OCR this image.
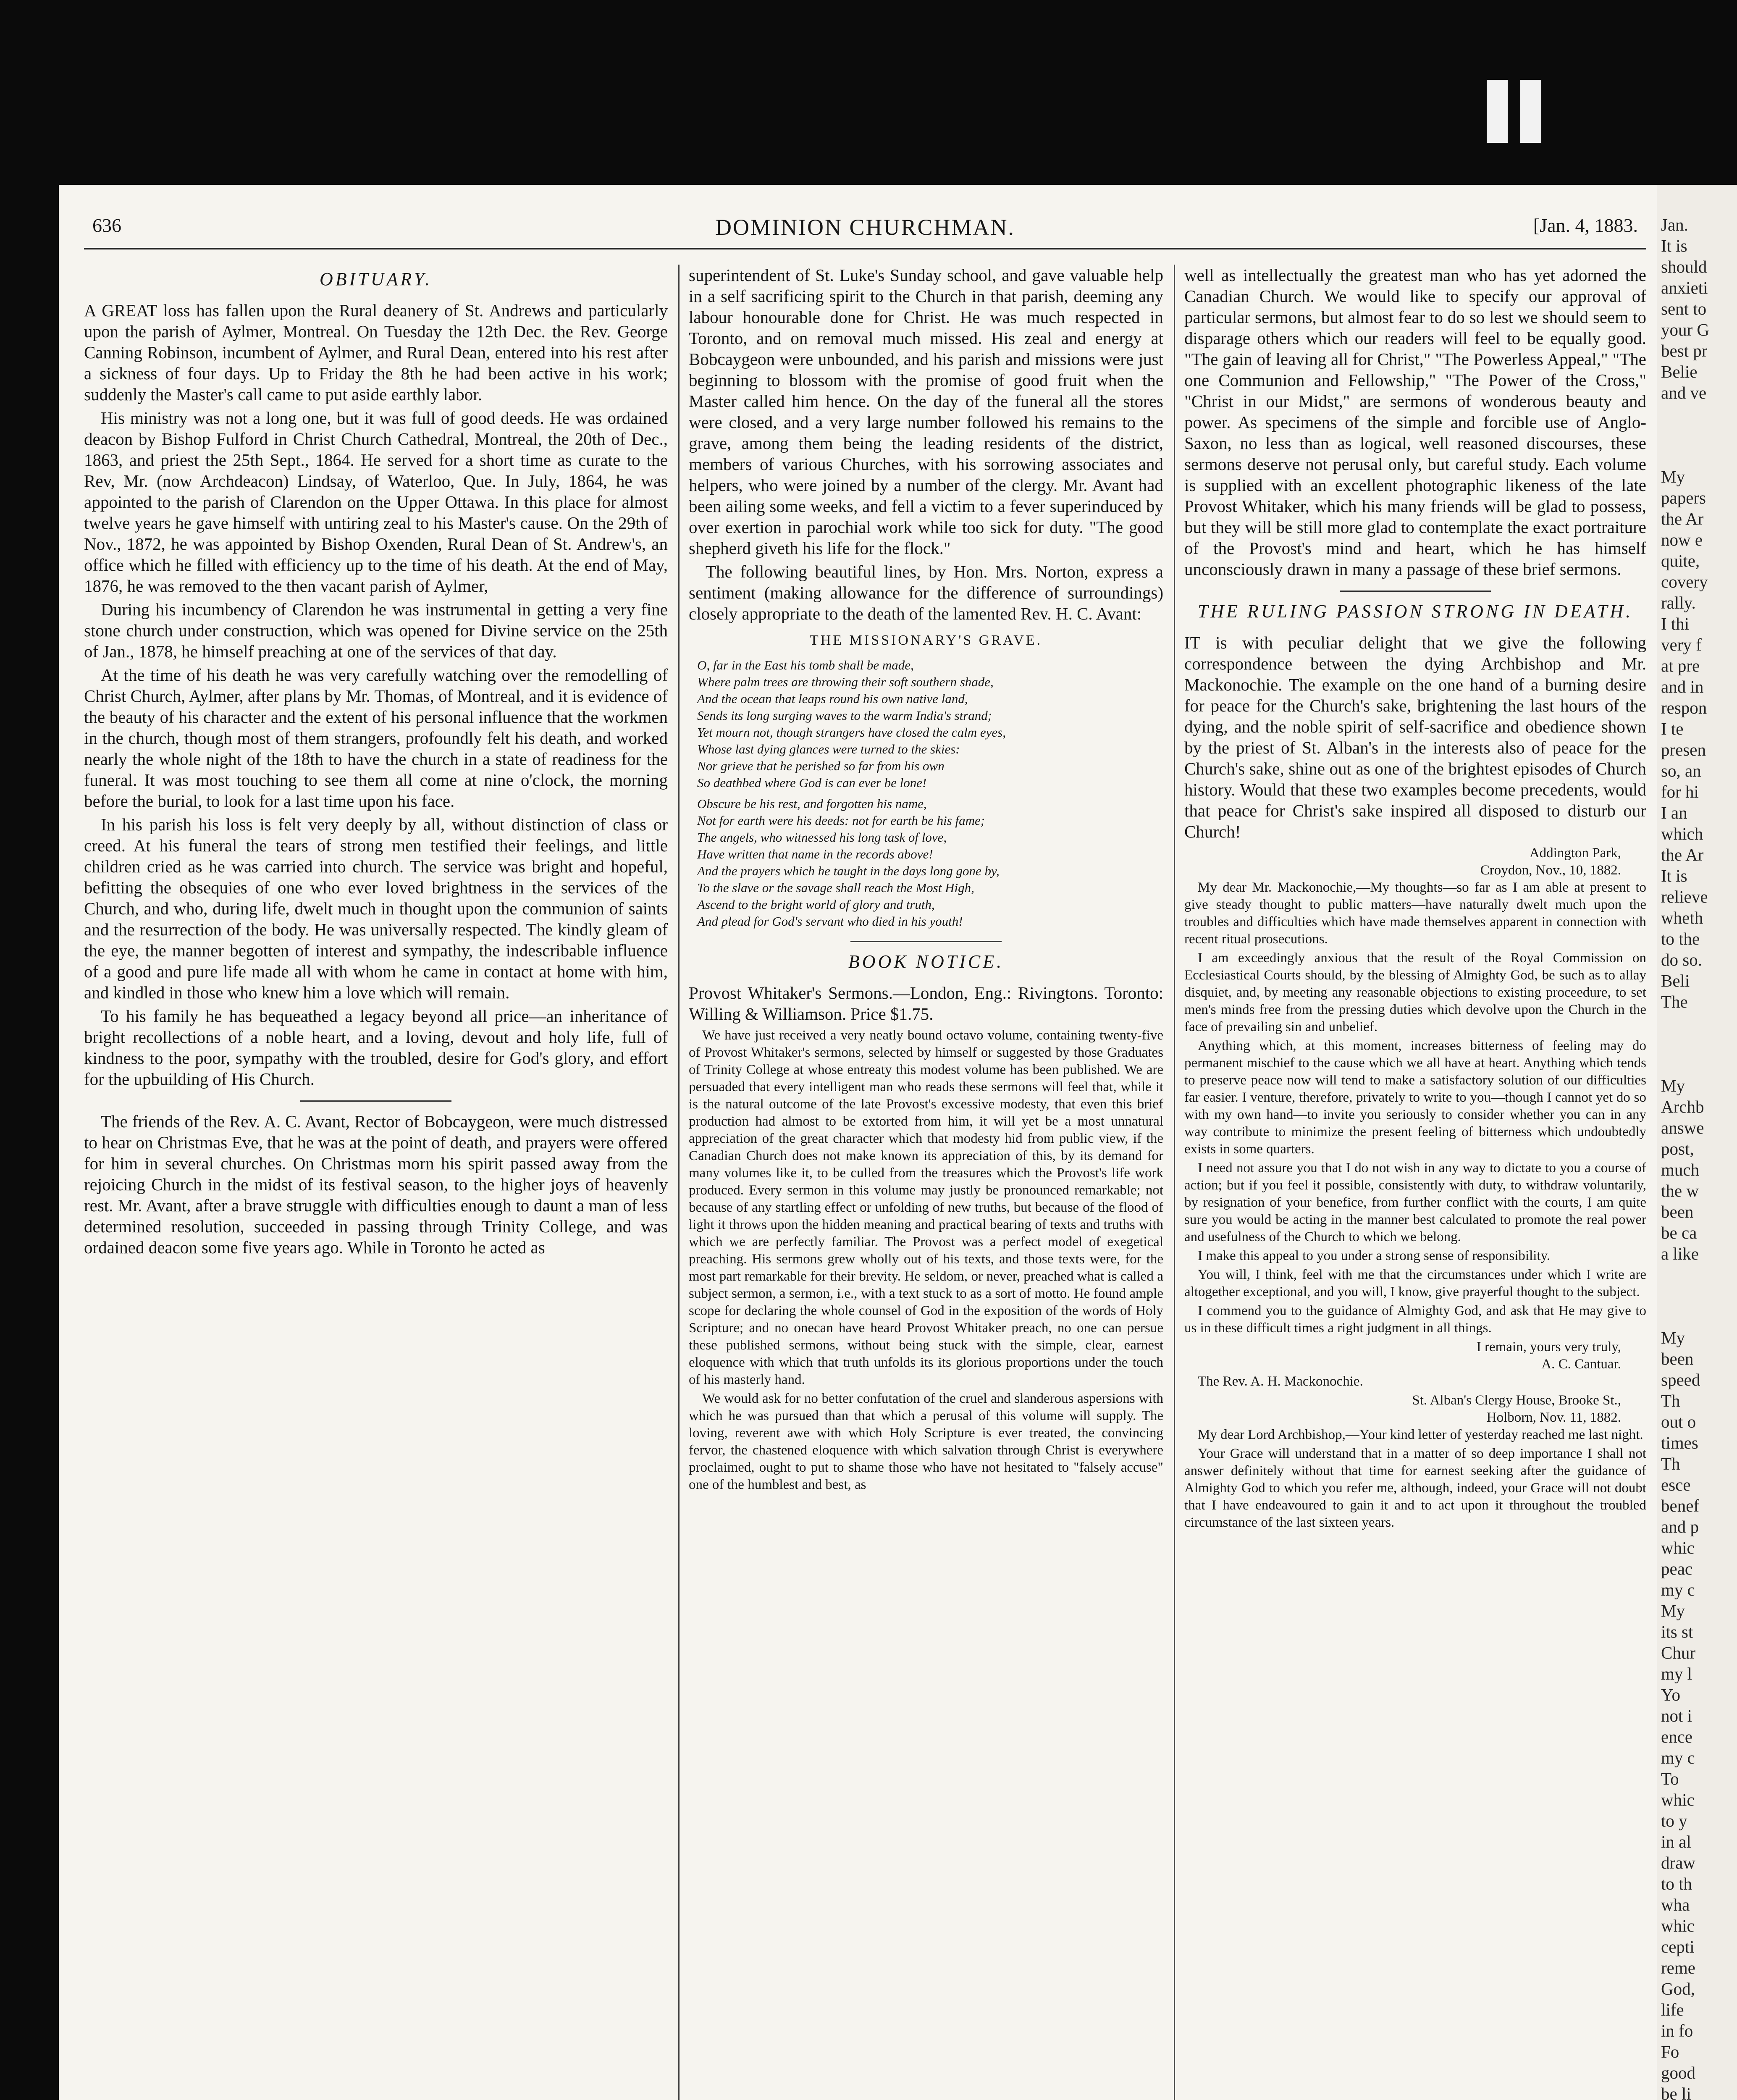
636	DOMINION CHURCHMAN.	[Jan. 4, 1883.
OBITUARY.

A GREAT loss has fallen upon the Rural deanery of St. Andrews and particularly upon the parish of Aylmer, Montreal. On Tuesday the 12th Dec. the Rev. George Canning Robinson, incumbent of Aylmer, and Rural Dean, entered into his rest after a sickness of four days. Up to Friday the 8th he had been active in his work; suddenly the Master's call came to put aside earthly labor.

His ministry was not a long one, but it was full of good deeds. He was ordained deacon by Bishop Fulford in Christ Church Cathedral, Montreal, the 20th of Dec., 1863, and priest the 25th Sept., 1864. He served for a short time as curate to the Rev, Mr. (now Archdeacon) Lindsay, of Waterloo, Que. In July, 1864, he was appointed to the parish of Clarendon on the Upper Ottawa. In this place for almost twelve years he gave himself with untiring zeal to his Master's cause. On the 29th of Nov., 1872, he was appointed by Bishop Oxenden, Rural Dean of St. Andrew's, an office which he filled with efficiency up to the time of his death. At the end of May, 1876, he was removed to the then vacant parish of Aylmer,

During his incumbency of Clarendon he was instrumental in getting a very fine stone church under construction, which was opened for Divine service on the 25th of Jan., 1878, he himself preaching at one of the services of that day.

At the time of his death he was very carefully watching over the remodelling of Christ Church, Aylmer, after plans by Mr. Thomas, of Montreal, and it is evidence of the beauty of his character and the extent of his personal influence that the workmen in the church, though most of them strangers, profoundly felt his death, and worked nearly the whole night of the 18th to have the church in a state of readiness for the funeral. It was most touching to see them all come at nine o'clock, the morning before the burial, to look for a last time upon his face.

In his parish his loss is felt very deeply by all, without distinction of class or creed. At his funeral the tears of strong men testified their feelings, and little children cried as he was carried into church. The service was bright and hopeful, befitting the obsequies of one who ever loved brightness in the services of the Church, and who, during life, dwelt much in thought upon the communion of saints and the resurrection of the body. He was universally respected. The kindly gleam of the eye, the manner begotten of interest and sympathy, the indescribable influence of a good and pure life made all with whom he came in contact at home with him, and kindled in those who knew him a love which will remain.

To his family he has bequeathed a legacy beyond all price—an inheritance of bright recollections of a noble heart, and a loving, devout and holy life, full of kindness to the poor, sympathy with the troubled, desire for God's glory, and effort for the upbuilding of His Church.

The friends of the Rev. A. C. Avant, Rector of Bobcaygeon, were much distressed to hear on Christmas Eve, that he was at the point of death, and prayers were offered for him in several churches. On Christmas morn his spirit passed away from the rejoicing Church in the midst of its festival season, to the higher joys of heavenly rest. Mr. Avant, after a brave struggle with difficulties enough to daunt a man of less determined resolution, succeeded in passing through Trinity College, and was ordained deacon some five years ago. While in Toronto he acted as

superintendent of St. Luke's Sunday school, and gave valuable help in a self sacrificing spirit to the Church in that parish, deeming any labour honourable done for Christ. He was much respected in Toronto, and on removal much missed. His zeal and energy at Bobcaygeon were unbounded, and his parish and missions were just beginning to blossom with the promise of good fruit when the Master called him hence. On the day of the funeral all the stores were closed, and a very large number followed his remains to the grave, among them being the leading residents of the district, members of various Churches, with his sorrowing associates and helpers, who were joined by a number of the clergy. Mr. Avant had been ailing some weeks, and fell a victim to a fever superinduced by over exertion in parochial work while too sick for duty. "The good shepherd giveth his life for the flock."

The following beautiful lines, by Hon. Mrs. Norton, express a sentiment (making allowance for the difference of surroundings) closely appropriate to the death of the lamented Rev. H. C. Avant:

THE MISSIONARY'S GRAVE.
O, far in the East his tomb shall be made,
Where palm trees are throwing their soft southern shade,
And the ocean that leaps round his own native land,
Sends its long surging waves to the warm India's strand;
Yet mourn not, though strangers have closed the calm eyes,
Whose last dying glances were turned to the skies:
Nor grieve that he perished so far from his own
So deathbed where God is can ever be lone!
Obscure be his rest, and forgotten his name,
Not for earth were his deeds: not for earth be his fame;
The angels, who witnessed his long task of love,
Have written that name in the records above!
And the prayers which he taught in the days long gone by,
To the slave or the savage shall reach the Most High,
Ascend to the bright world of glory and truth,
And plead for God's servant who died in his youth!
BOOK NOTICE.

Provost Whitaker's Sermons.—London, Eng.: Rivingtons. Toronto: Willing & Williamson. Price $1.75.

We have just received a very neatly bound octavo volume, containing twenty-five of Provost Whitaker's sermons, selected by himself or suggested by those Graduates of Trinity College at whose entreaty this modest volume has been published. We are persuaded that every intelligent man who reads these sermons will feel that, while it is the natural outcome of the late Provost's excessive modesty, that even this brief production had almost to be extorted from him, it will yet be a most unnatural appreciation of the great character which that modesty hid from public view, if the Canadian Church does not make known its appreciation of this, by its demand for many volumes like it, to be culled from the treasures which the Provost's life work produced. Every sermon in this volume may justly be pronounced remarkable; not because of any startling effect or unfolding of new truths, but because of the flood of light it throws upon the hidden meaning and practical bearing of texts and truths with which we are perfectly familiar. The Provost was a perfect model of exegetical preaching. His sermons grew wholly out of his texts, and those texts were, for the most part remarkable for their brevity. He seldom, or never, preached what is called a subject sermon, a sermon, i.e., with a text stuck to as a sort of motto. He found ample scope for declaring the whole counsel of God in the exposition of the words of Holy Scripture; and no onecan have heard Provost Whitaker preach, no one can persue these published sermons, without being stuck with the simple, clear, earnest eloquence with which that truth unfolds its its glorious proportions under the touch of his masterly hand.

We would ask for no better confutation of the cruel and slanderous aspersions with which he was pursued than that which a perusal of this volume will supply. The loving, reverent awe with which Holy Scripture is ever treated, the convincing fervor, the chastened eloquence with which salvation through Christ is everywhere proclaimed, ought to put to shame those who have not hesitated to "falsely accuse" one of the humblest and best, as

well as intellectually the greatest man who has yet adorned the Canadian Church. We would like to specify our approval of particular sermons, but almost fear to do so lest we should seem to disparage others which our readers will feel to be equally good. "The gain of leaving all for Christ," "The Powerless Appeal," "The one Communion and Fellowship," "The Power of the Cross," "Christ in our Midst," are sermons of wonderous beauty and power. As specimens of the simple and forcible use of Anglo-Saxon, no less than as logical, well reasoned discourses, these sermons deserve not perusal only, but careful study. Each volume is supplied with an excellent photographic likeness of the late Provost Whitaker, which his many friends will be glad to possess, but they will be still more glad to contemplate the exact portraiture of the Provost's mind and heart, which he has himself unconsciously drawn in many a passage of these brief sermons.

THE RULING PASSION STRONG IN DEATH.

IT is with peculiar delight that we give the following correspondence between the dying Archbishop and Mr. Mackonochie. The example on the one hand of a burning desire for peace for the Church's sake, brightening the last hours of the dying, and the noble spirit of self-sacrifice and obedience shown by the priest of St. Alban's in the interests also of peace for the Church's sake, shine out as one of the brightest episodes of Church history. Would that these two examples become precedents, would that peace for Christ's sake inspired all disposed to disturb our Church!

Addington Park,
Croydon, Nov., 10, 1882.

My dear Mr. Mackonochie,—My thoughts—so far as I am able at present to give steady thought to public matters—have naturally dwelt much upon the troubles and difficulties which have made themselves apparent in connection with recent ritual prosecutions.

I am exceedingly anxious that the result of the Royal Commission on Ecclesiastical Courts should, by the blessing of Almighty God, be such as to allay disquiet, and, by meeting any reasonable objections to existing proceedure, to set men's minds free from the pressing duties which devolve upon the Church in the face of prevailing sin and unbelief.

Anything which, at this moment, increases bitterness of feeling may do permanent mischief to the cause which we all have at heart. Anything which tends to preserve peace now will tend to make a satisfactory solution of our difficulties far easier. I venture, therefore, privately to write to you—though I cannot yet do so with my own hand—to invite you seriously to consider whether you can in any way contribute to minimize the present feeling of bitterness which undoubtedly exists in some quarters.

I need not assure you that I do not wish in any way to dictate to you a course of action; but if you feel it possible, consistently with duty, to withdraw voluntarily, by resignation of your benefice, from further conflict with the courts, I am quite sure you would be acting in the manner best calculated to promote the real power and usefulness of the Church to which we belong.

I make this appeal to you under a strong sense of responsibility.

You will, I think, feel with me that the circumstances under which I write are altogether exceptional, and you will, I know, give prayerful thought to the subject.

I commend you to the guidance of Almighty God, and ask that He may give to us in these difficult times a right judgment in all things.

I remain, yours very truly,
A. C. Cantuar.

The Rev. A. H. Mackonochie.

St. Alban's Clergy House, Brooke St.,
Holborn, Nov. 11, 1882.

My dear Lord Archbishop,—Your kind letter of yesterday reached me last night.

Your Grace will understand that in a matter of so deep importance I shall not answer definitely without that time for earnest seeking after the guidance of Almighty God to which you refer me, although, indeed, your Grace will not doubt that I have endeavoured to gain it and to act upon it throughout the troubled circumstance of the last sixteen years.

Jan.
It is
should
anxieti
sent to
your G
best pr
Belie
and ve
My
papers
the Ar
now e
quite,
covery
rally.
I thi
very f
at pre
and in
respon
I te
presen
so, an
for hi
I an
which
the Ar
It is
relieve
wheth
to the
do so.
Beli
The
My
Archb
answe
post,
much
the w
been
be ca
a like
My
been
speed
Th
out o
times
Th
esce
benef
and p
whic
peac
my c
My
its st
Chur
my l
Yo
not i
ence
my c
To
whic
to y
in al
draw
to th
wha
whic
cepti
reme
God,
life
in fo
Fo
good
be li
